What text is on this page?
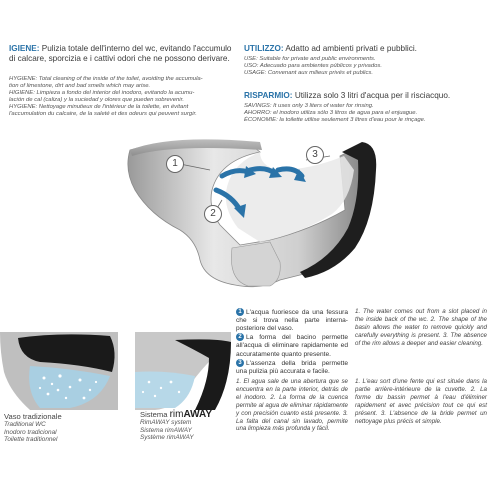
IGIENE: Pulizia totale dell'interno del wc, evitando l'accumulo di calcare, sporcizia e i cattivi odori che ne possono derivare.
HYGIENE: Total cleaning of the inside of the toilet, avoiding the accumula-
tion of limestone, dirt and bad smells which may arise.
HIGIENE: Limpieza a fondo del interior del inodoro, evitando la acumu-
lación de cal (caliza) y la suciedad y olores que pueden sobrevenir.
HYGIENE: Nettoyage minutieux de l'intérieur de la toilette, en évitant
l'accumulation du calcaire, de la saleté et des odeurs qui peuvent surgir.
UTILIZZO: Adatto ad ambienti privati e pubblici.
USE: Suitable for private and public environments.
USO: Adecuado para ambientes públicos y privados.
USAGE: Convenant aux milieux privés et publics.
RISPARMIO: Utilizza solo 3 litri d'acqua per il risciacquo.
SAVINGS: It uses only 3 liters of water for rinsing.
AHORRO: el inodoro utiliza sólo 3 litros de agua para el enjuague.
ÉCONOMIE: la toilette utilise seulement 3 litres d'eau pour le rinçage.
1
2
3
Vaso tradizionale
Traditional WC
Inodoro tradicional
Toilette traditionnel
Sistema rimAWAY
RimAWAY system
Sistema rimAWAY
Système rimAWAY
1 L'acqua fuoriesce da una fessura che si trova nella parte interna-posteriore del vaso.
2 La forma del bacino permette all'acqua di eliminare rapidamente ed accuratamente quanto presente.
3 L'assenza della brida permette una pulizia più accurata e facile.
1. The water comes out from a slot placed in the inside back of the wc. 2. The shape of the basin allows the water to remove quickly and carefully everything is present. 3. The absence of the rim allows a deeper and easier cleaning.
1. El agua sale de una abertura que se encuentra en la parte interior, detrás de el inodoro. 2. La forma de la cuenca permite al agua de eliminar rápidamente y con precisión cuanto está presente. 3. La falta del canal sin lavado, permite una limpieza más profunda y fácil.
1. L'eau sort d'une fente qui est située dans la partie arrière-intérieure de la cuvette. 2. La forme du bassin permet à l'eau d'éliminer rapidement et avec précision tout ce qui est présent. 3. L'absence de la bride permet un nettoyage plus précis et simple.
